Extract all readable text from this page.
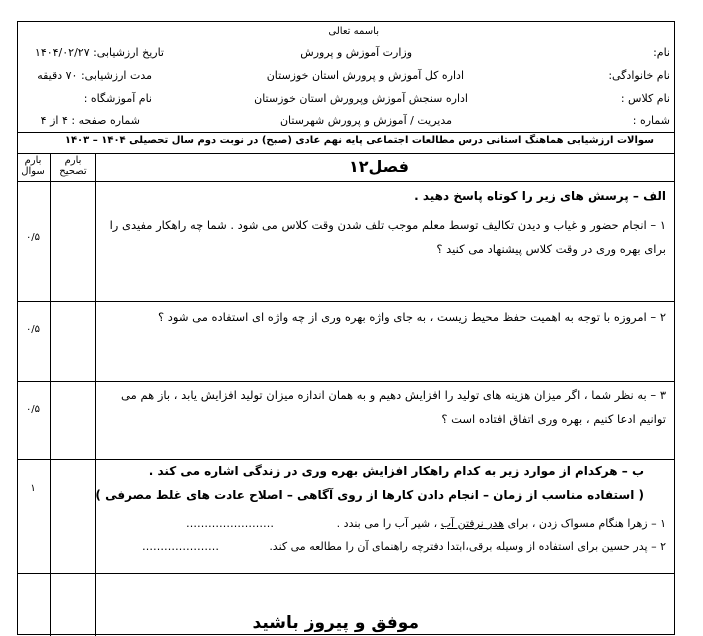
باسمه تعالی
نام:
وزارت آموزش و پرورش
تاریخ ارزشیابی: ۱۴۰۴/۰۲/۲۷
نام خانوادگی:
اداره کل آموزش و پرورش استان خوزستان
مدت ارزشیابی: ۷۰ دقیقه
نام کلاس :
اداره سنجش آموزش وپرورش استان خوزستان
نام آموزشگاه :
شماره :
مدیریت / آموزش و پرورش شهرستان
شماره صفحه : ۴ از ۴
سوالات ارزشیابی هماهنگ استانی درس مطالعات اجتماعی پایه نهم عادی (صبح) در نوبت دوم سال تحصیلی ۱۴۰۴ – ۱۴۰۳
بارم تصحیح
بارم سوال	فصل۱۲
الف – پرسش های زیر را کوتاه پاسخ دهید .
۱ – انجام حضور و غیاب و دیدن تکالیف توسط معلم موجب تلف شدن وقت کلاس می شود . شما چه راهکار مفیدی را برای بهره وری در وقت کلاس پیشنهاد می کنید ؟
۰/۵
۲ – امروزه با توجه به اهمیت حفظ محیط زیست ، به جای واژه بهره وری از چه واژه ای استفاده می شود ؟
۰/۵
۳ – به نظر شما ، اگر میزان هزینه های تولید را افزایش دهیم و به همان اندازه میزان تولید افزایش یابد ، باز هم می توانیم ادعا کنیم ، بهره وری اتفاق افتاده است ؟
۰/۵
ب – هرکدام از موارد زیر به کدام راهکار افزایش بهره وری در زندگی اشاره می کند .
( استفاده مناسب از زمان – انجام دادن کارها از روی آگاهی – اصلاح عادت های غلط مصرفی )
۱
۱ – زهرا هنگام مسواک زدن ، برای هدر نرفتن آب ، شیر آب را می بندد .
……………………
۲ – پدر حسین برای استفاده از وسیله برقی،ابتدا دفترچه راهنمای آن را مطالعه می کند.
…………………
موفق و پیروز باشید
